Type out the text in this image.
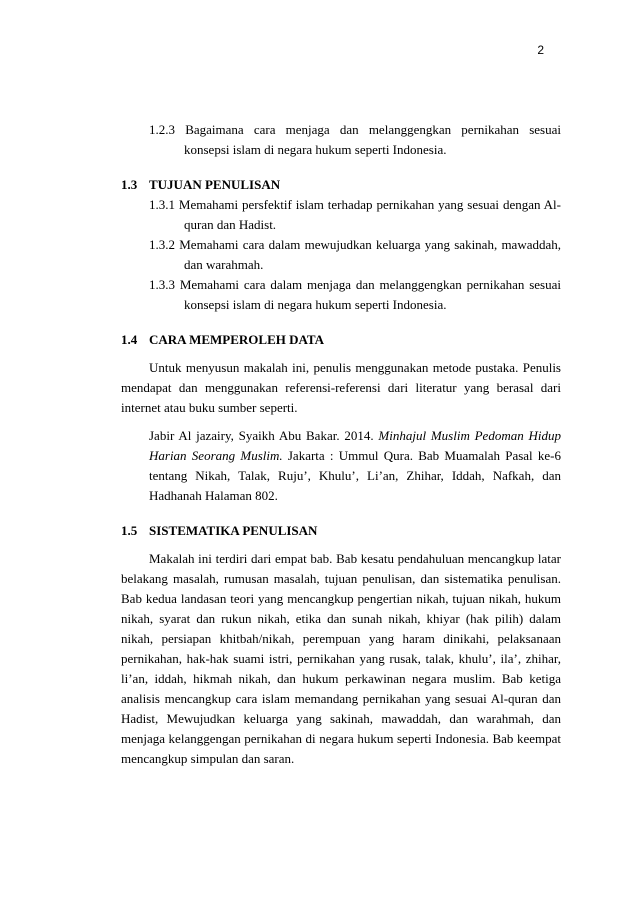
2

1.2.3 Bagaimana cara menjaga dan melanggengkan pernikahan sesuai konsepsi islam di negara hukum seperti Indonesia.

1.3 TUJUAN PENULISAN

1.3.1 Memahami persfektif islam terhadap pernikahan yang sesuai dengan Al-quran dan Hadist.

1.3.2 Memahami cara dalam mewujudkan keluarga yang sakinah, mawaddah, dan warahmah.

1.3.3 Memahami cara dalam menjaga dan melanggengkan pernikahan sesuai konsepsi islam di negara hukum seperti Indonesia.

1.4 CARA MEMPEROLEH DATA

Untuk menyusun makalah ini, penulis menggunakan metode pustaka. Penulis mendapat dan menggunakan referensi-referensi dari literatur yang berasal dari internet atau buku sumber seperti.

Jabir Al jazairy, Syaikh Abu Bakar. 2014. Minhajul Muslim Pedoman Hidup Harian Seorang Muslim. Jakarta : Ummul Qura. Bab Muamalah Pasal ke-6 tentang Nikah, Talak, Ruju’, Khulu’, Li’an, Zhihar, Iddah, Nafkah, dan Hadhanah Halaman 802.

1.5 SISTEMATIKA PENULISAN

Makalah ini terdiri dari empat bab. Bab kesatu pendahuluan mencangkup latar belakang masalah, rumusan masalah, tujuan penulisan, dan sistematika penulisan. Bab kedua landasan teori yang mencangkup pengertian nikah, tujuan nikah, hukum nikah, syarat dan rukun nikah, etika dan sunah nikah, khiyar (hak pilih) dalam nikah, persiapan khitbah/nikah, perempuan yang haram dinikahi, pelaksanaan pernikahan, hak-hak suami istri, pernikahan yang rusak, talak, khulu’, ila’, zhihar, li’an, iddah, hikmah nikah, dan hukum perkawinan negara muslim. Bab ketiga analisis mencangkup cara islam memandang pernikahan yang sesuai Al-quran dan Hadist, Mewujudkan keluarga yang sakinah, mawaddah, dan warahmah, dan menjaga kelanggengan pernikahan di negara hukum seperti Indonesia. Bab keempat mencangkup simpulan dan saran.
